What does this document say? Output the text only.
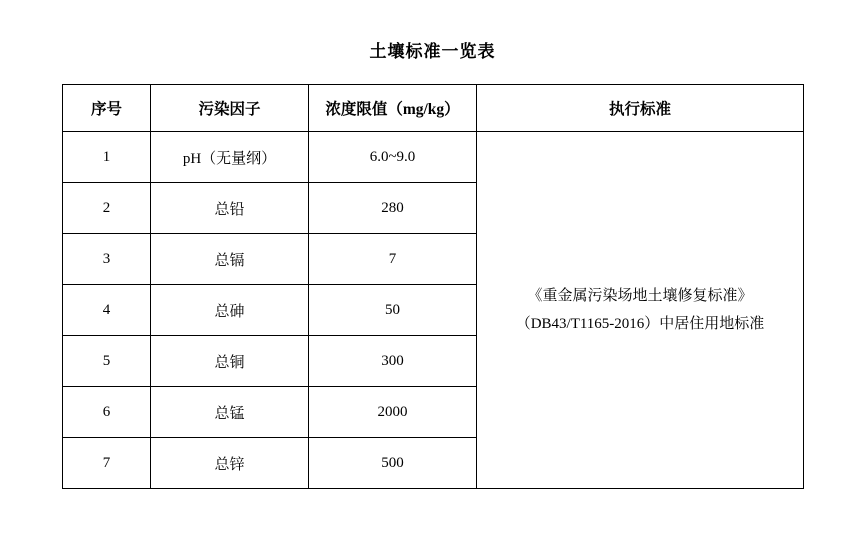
土壤标准一览表
序号	污染因子	浓度限值（mg/kg）	执行标准
1	pH（无量纲）	6.0~9.0	《重金属污染场地土壤修复标准》
（DB43/T1165-2016）中居住用地标准

2	总铅	280	
3	总镉	7	
4	总砷	50	
5	总铜	300	
6	总锰	2000	
7	总锌	500	
